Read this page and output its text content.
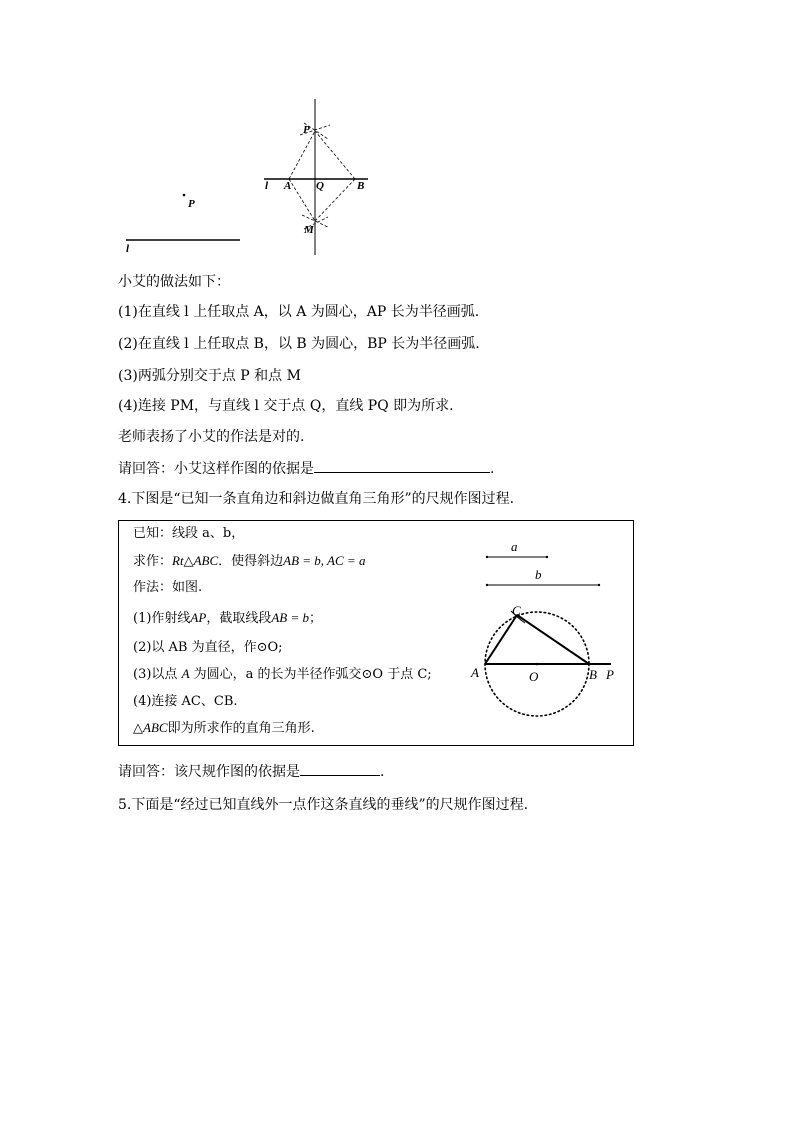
P
l
P
l A Q	B
M
小艾的做法如下：
(1)在直线 l 上任取点 A，以 A 为圆心，AP 长为半径画弧.
(2)在直线 l 上任取点 B，以 B 为圆心，BP 长为半径画弧.
(3)两弧分别交于点 P 和点 M
(4)连接 PM，与直线 l 交于点 Q，直线 PQ 即为所求.
老师表扬了小艾的作法是对的.
请回答：小艾这样作图的依据是	.
4.下图是“已知一条直角边和斜边做直角三角形”的尺规作图过程.
已知：线段 a、b，
求作：Rt△ABC．使得斜边AB = b, AC = a
作法：如图.
(1)作射线AP，截取线段AB = b；
(2)以 AB 为直径，作⊙O;
(3)以点 A 为圆心，a 的长为半径作弧交⊙O 于点 C;
(4)连接 AC、CB.
△ABC即为所求作的直角三角形.
a
b
C
A	O	B P
请回答：该尺规作图的依据是	.
5.下面是“经过已知直线外一点作这条直线的垂线”的尺规作图过程.
